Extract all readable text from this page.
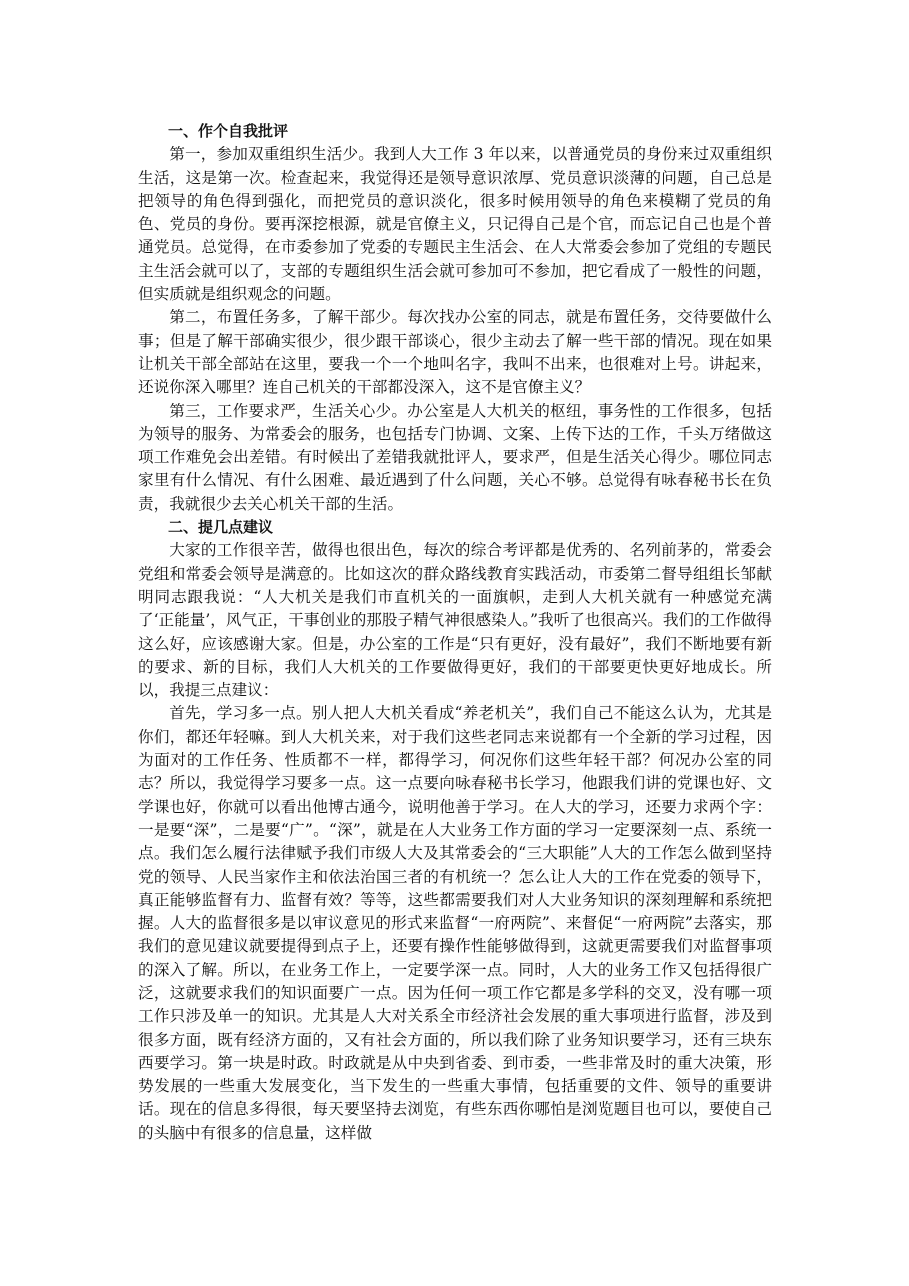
一、作个自我批评

第一，参加双重组织生活少。我到人大工作 3 年以来，以普通党员的身份来过双重组织生活，这是第一次。检查起来，我觉得还是领导意识浓厚、党员意识淡薄的问题，自己总是把领导的角色得到强化，而把党员的意识淡化，很多时候用领导的角色来模糊了党员的角色、党员的身份。要再深挖根源，就是官僚主义，只记得自己是个官，而忘记自己也是个普通党员。总觉得，在市委参加了党委的专题民主生活会、在人大常委会参加了党组的专题民主生活会就可以了，支部的专题组织生活会就可参加可不参加，把它看成了一般性的问题，但实质就是组织观念的问题。

第二，布置任务多，了解干部少。每次找办公室的同志，就是布置任务，交待要做什么事；但是了解干部确实很少，很少跟干部谈心，很少主动去了解一些干部的情况。现在如果让机关干部全部站在这里，要我一个一个地叫名字，我叫不出来，也很难对上号。讲起来，还说你深入哪里？连自己机关的干部都没深入，这不是官僚主义？

第三，工作要求严，生活关心少。办公室是人大机关的枢纽，事务性的工作很多，包括为领导的服务、为常委会的服务，也包括专门协调、文案、上传下达的工作，千头万绪做这项工作难免会出差错。有时候出了差错我就批评人，要求严，但是生活关心得少。哪位同志家里有什么情况、有什么困难、最近遇到了什么问题，关心不够。总觉得有咏春秘书长在负责，我就很少去关心机关干部的生活。

二、提几点建议

大家的工作很辛苦，做得也很出色，每次的综合考评都是优秀的、名列前茅的，常委会党组和常委会领导是满意的。比如这次的群众路线教育实践活动，市委第二督导组组长邹献明同志跟我说：“人大机关是我们市直机关的一面旗帜，走到人大机关就有一种感觉充满了‘正能量’，风气正，干事创业的那股子精气神很感染人。”我听了也很高兴。我们的工作做得这么好，应该感谢大家。但是，办公室的工作是“只有更好，没有最好”，我们不断地要有新的要求、新的目标，我们人大机关的工作要做得更好，我们的干部要更快更好地成长。所以，我提三点建议：

首先，学习多一点。别人把人大机关看成“养老机关”，我们自己不能这么认为，尤其是你们，都还年轻嘛。到人大机关来，对于我们这些老同志来说都有一个全新的学习过程，因为面对的工作任务、性质都不一样，都得学习，何况你们这些年轻干部？何况办公室的同志？所以，我觉得学习要多一点。这一点要向咏春秘书长学习，他跟我们讲的党课也好、文学课也好，你就可以看出他博古通今，说明他善于学习。在人大的学习，还要力求两个字：一是要“深”，二是要“广”。“深”，就是在人大业务工作方面的学习一定要深刻一点、系统一点。我们怎么履行法律赋予我们市级人大及其常委会的“三大职能”人大的工作怎么做到坚持党的领导、人民当家作主和依法治国三者的有机统一？怎么让人大的工作在党委的领导下，真正能够监督有力、监督有效？等等，这些都需要我们对人大业务知识的深刻理解和系统把握。人大的监督很多是以审议意见的形式来监督“一府两院”、来督促“一府两院”去落实，那我们的意见建议就要提得到点子上，还要有操作性能够做得到，这就更需要我们对监督事项的深入了解。所以，在业务工作上，一定要学深一点。同时，人大的业务工作又包括得很广泛，这就要求我们的知识面要广一点。因为任何一项工作它都是多学科的交叉，没有哪一项工作只涉及单一的知识。尤其是人大对关系全市经济社会发展的重大事项进行监督，涉及到很多方面，既有经济方面的，又有社会方面的，所以我们除了业务知识要学习，还有三块东西要学习。第一块是时政。时政就是从中央到省委、到市委，一些非常及时的重大决策，形势发展的一些重大发展变化，当下发生的一些重大事情，包括重要的文件、领导的重要讲话。现在的信息多得很，每天要坚持去浏览，有些东西你哪怕是浏览题目也可以，要使自己的头脑中有很多的信息量，这样做
